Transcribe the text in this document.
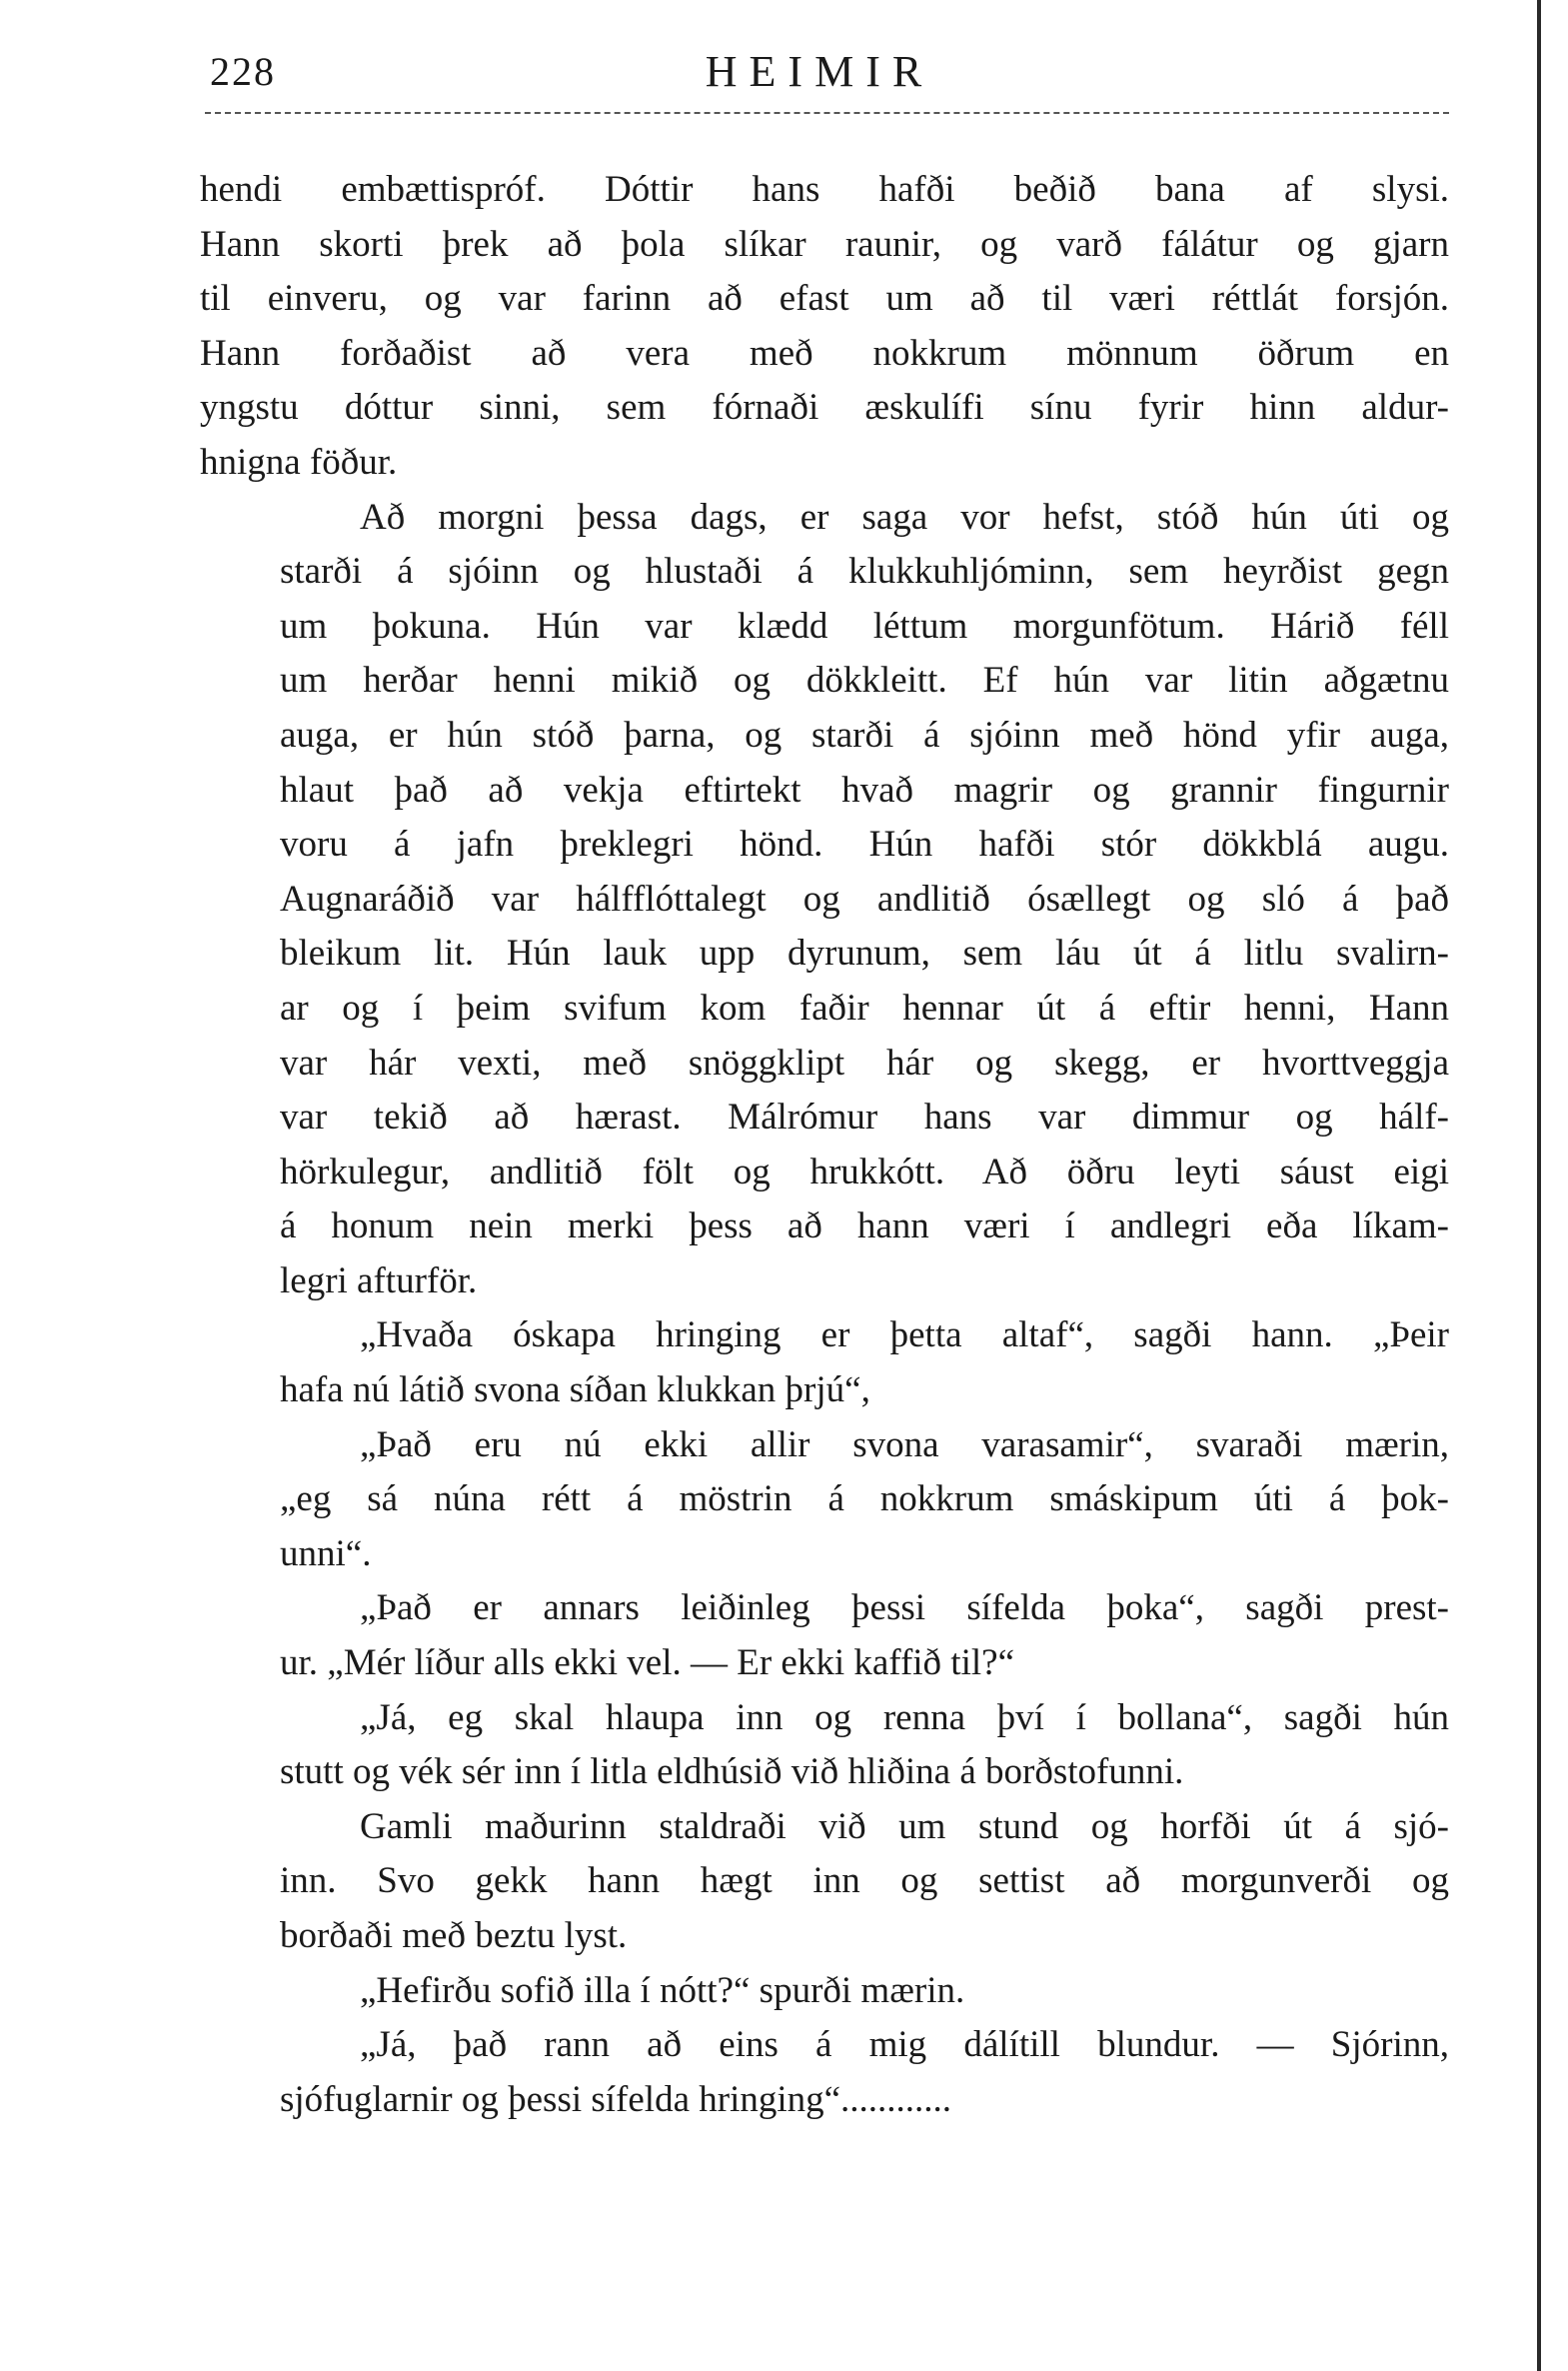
228	HEIMIR
hendi embættispróf. Dóttir hans hafði beðið bana af slysi.
Hann skorti þrek að þola slíkar raunir, og varð fálátur og gjarn
til einveru, og var farinn að efast um að til væri réttlát forsjón.
Hann forðaðist að vera með nokkrum mönnum öðrum en
yngstu dóttur sinni, sem fórnaði æskulífi sínu fyrir hinn aldur-
hnigna föður.
Að morgni þessa dags, er saga vor hefst, stóð hún úti og
starði á sjóinn og hlustaði á klukkuhljóminn, sem heyrðist gegn
um þokuna. Hún var klædd léttum morgunfötum. Hárið féll
um herðar henni mikið og dökkleitt. Ef hún var litin aðgætnu
auga, er hún stóð þarna, og starði á sjóinn með hönd yfir auga,
hlaut það að vekja eftirtekt hvað magrir og grannir fingurnir
voru á jafn þreklegri hönd. Hún hafði stór dökkblá augu.
Augnaráðið var hálfflóttalegt og andlitið ósællegt og sló á það
bleikum lit. Hún lauk upp dyrunum, sem láu út á litlu svalirn-
ar og í þeim svifum kom faðir hennar út á eftir henni, Hann
var hár vexti, með snöggklipt hár og skegg, er hvorttveggja
var tekið að hærast. Málrómur hans var dimmur og hálf-
hörkulegur, andlitið fölt og hrukkótt. Að öðru leyti sáust eigi
á honum nein merki þess að hann væri í andlegri eða líkam-
legri afturför.
„Hvaða óskapa hringing er þetta altaf“, sagði hann. „Þeir
hafa nú látið svona síðan klukkan þrjú“,
„Það eru nú ekki allir svona varasamir“, svaraði mærin,
„eg sá núna rétt á möstrin á nokkrum smáskipum úti á þok-
unni“.
„Það er annars leiðinleg þessi sífelda þoka“, sagði prest-
ur. „Mér líður alls ekki vel. — Er ekki kaffið til?“
„Já, eg skal hlaupa inn og renna því í bollana“, sagði hún
stutt og vék sér inn í litla eldhúsið við hliðina á borðstofunni.
Gamli maðurinn staldraði við um stund og horfði út á sjó-
inn. Svo gekk hann hægt inn og settist að morgunverði og
borðaði með beztu lyst.
„Hefirðu sofið illa í nótt?“ spurði mærin.
„Já, það rann að eins á mig dálítill blundur. — Sjórinn,
sjófuglarnir og þessi sífelda hringing“............
